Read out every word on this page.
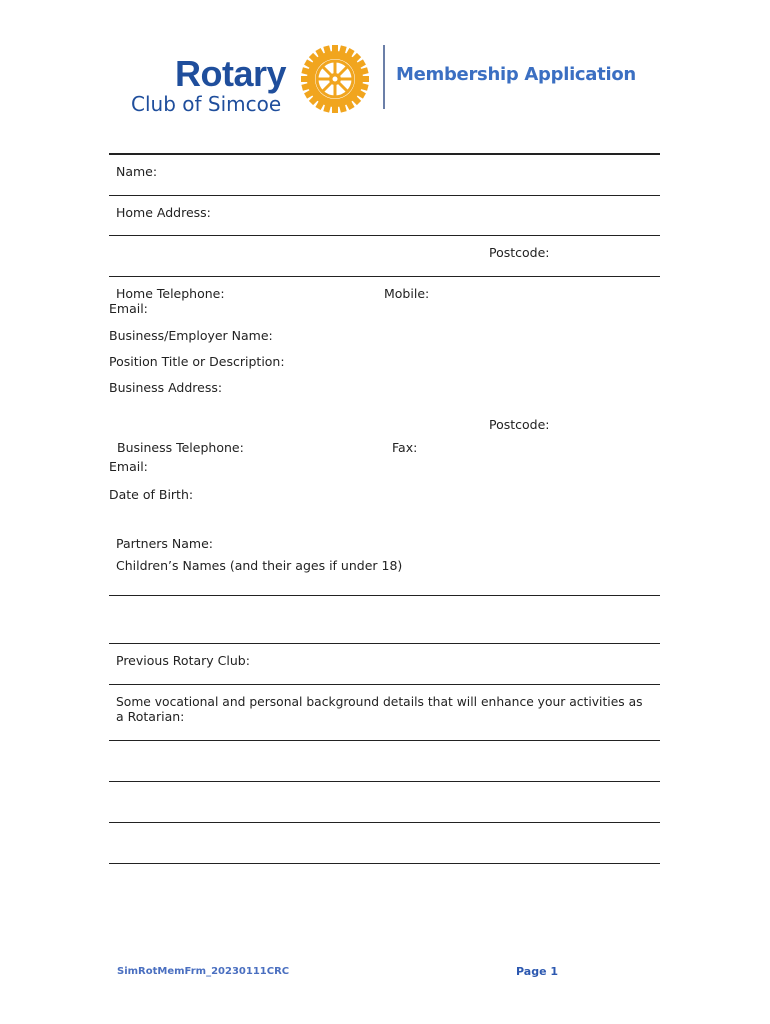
Rotary
Club of Simcoe
Membership Application
Name:
Home Address:
Postcode:
Home Telephone:	Mobile:
Email:
Business/Employer Name:
Position Title or Description:
Business Address:
Postcode:
Business Telephone:	Fax:
Email:
Date of Birth:
Partners Name:
Children’s Names (and their ages if under 18)
Previous Rotary Club:
Some vocational and personal background details that will enhance your activities as
a Rotarian:
SimRotMemFrm_20230111CRC	Page 1
